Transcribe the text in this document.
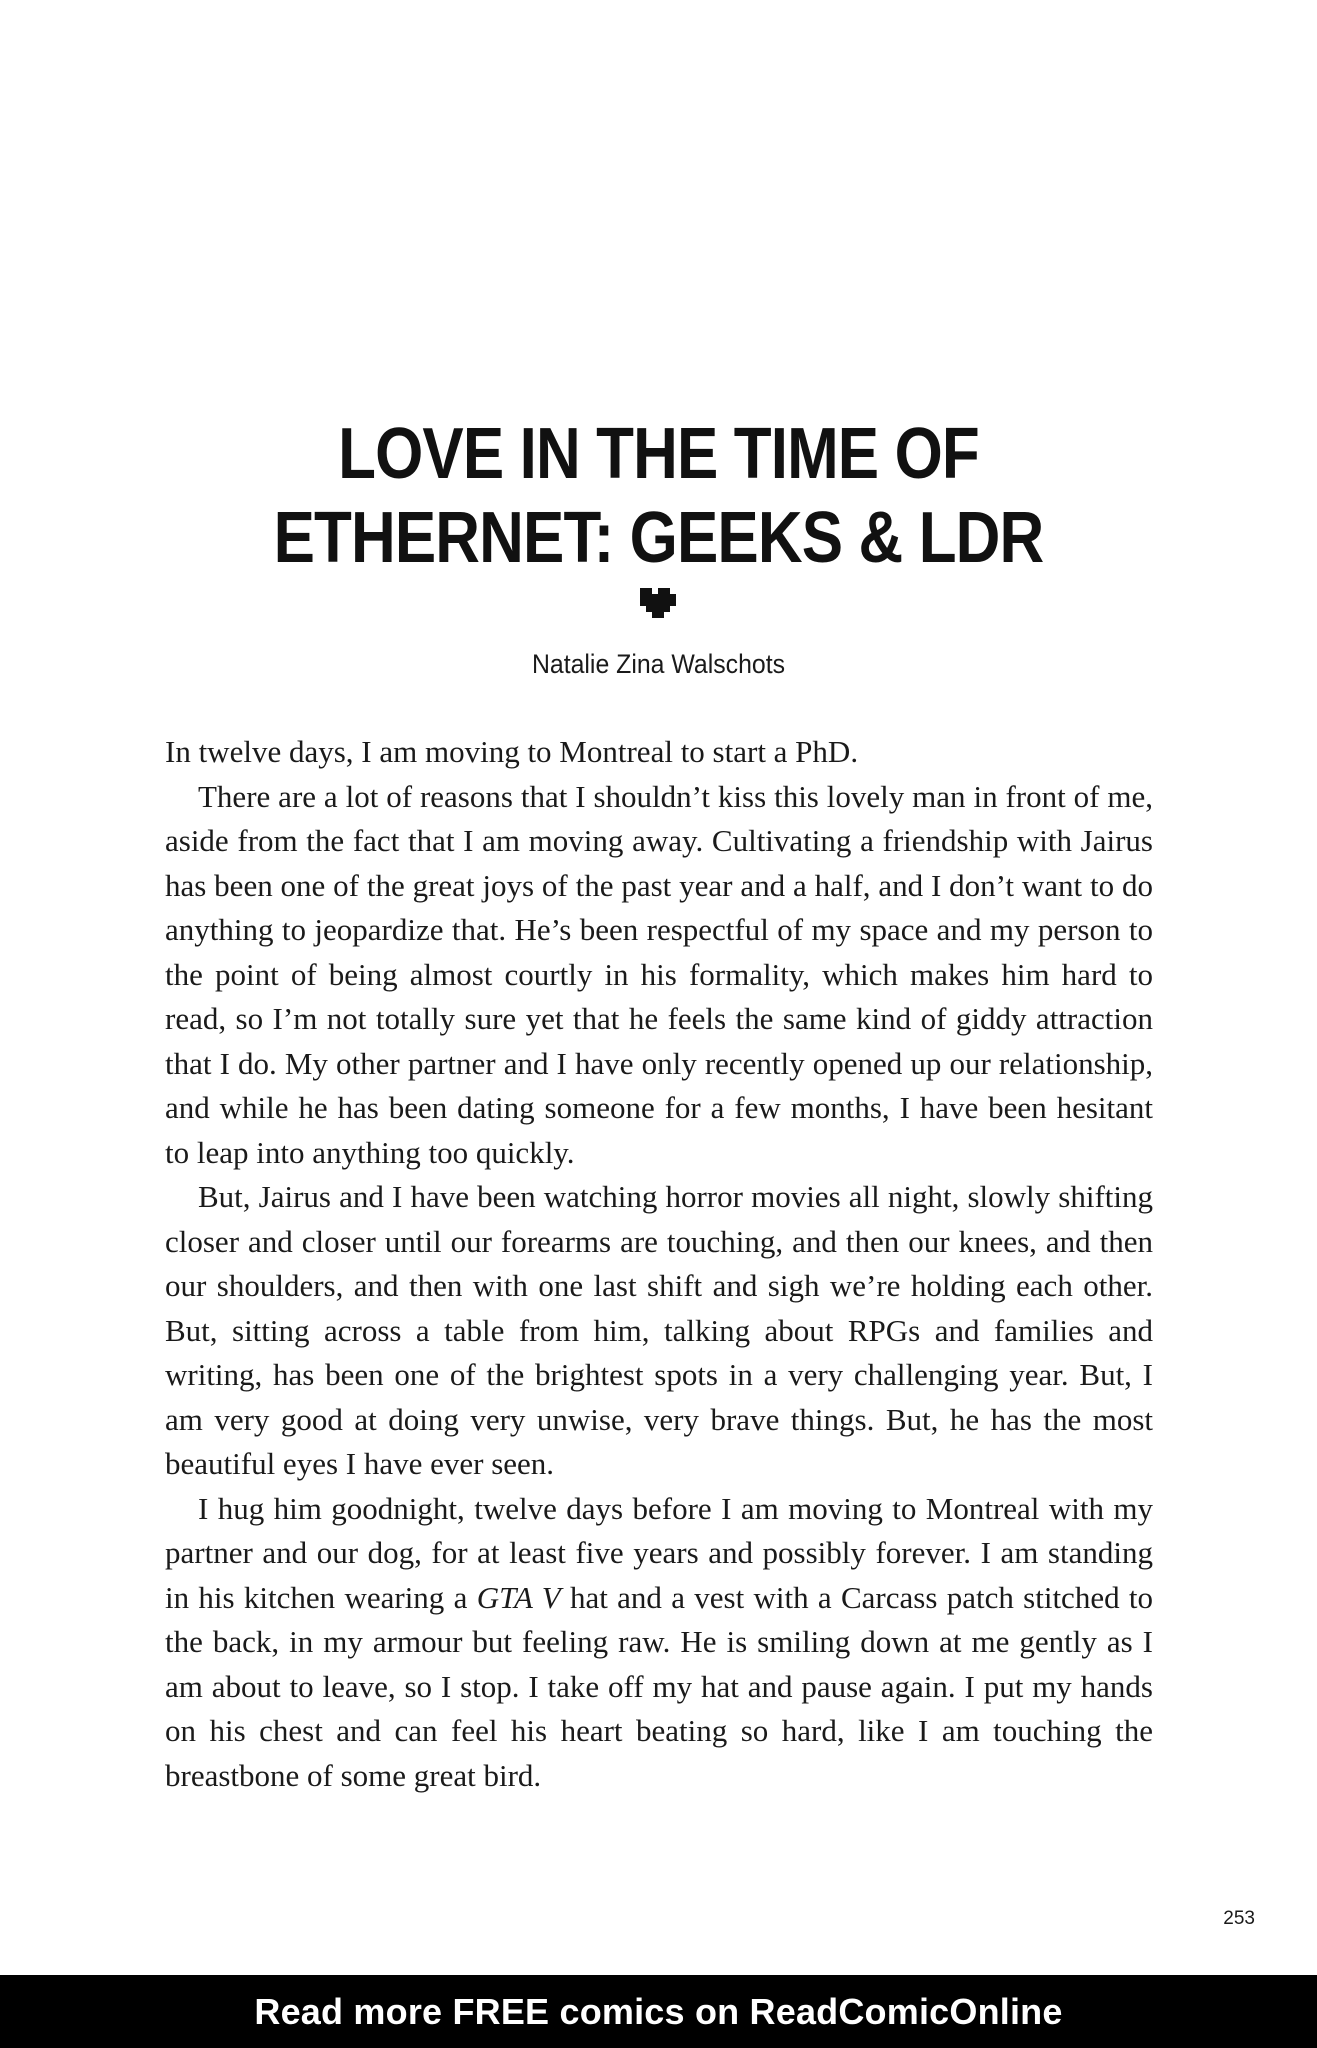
LOVE IN THE TIME OF
ETHERNET: GEEKS & LDR
Natalie Zina Walschots

In twelve days, I am moving to Montreal to start a PhD.

There are a lot of reasons that I shouldn’t kiss this lovely man in front of me, aside from the fact that I am moving away. Cultivating a friendship with Jairus has been one of the great joys of the past year and a half, and I don’t want to do anything to jeopardize that. He’s been respectful of my space and my person to the point of being almost courtly in his formality, which makes him hard to read, so I’m not totally sure yet that he feels the same kind of giddy attraction that I do. My other partner and I have only recently opened up our relationship, and while he has been dating someone for a few months, I have been hesitant to leap into anything too quickly.

But, Jairus and I have been watching horror movies all night, slowly shifting closer and closer until our forearms are touching, and then our knees, and then our shoulders, and then with one last shift and sigh we’re holding each other. But, sitting across a table from him, talking about RPGs and families and writing, has been one of the brightest spots in a very challenging year. But, I am very good at doing very unwise, very brave things. But, he has the most beautiful eyes I have ever seen.

I hug him goodnight, twelve days before I am moving to Montreal with my partner and our dog, for at least five years and possibly forever. I am standing in his kitchen wearing a GTA V hat and a vest with a Carcass patch stitched to the back, in my armour but feeling raw. He is smiling down at me gently as I am about to leave, so I stop. I take off my hat and pause again. I put my hands on his chest and can feel his heart beating so hard, like I am touching the breastbone of some great bird.

253
Read more FREE comics on ReadComicOnline
